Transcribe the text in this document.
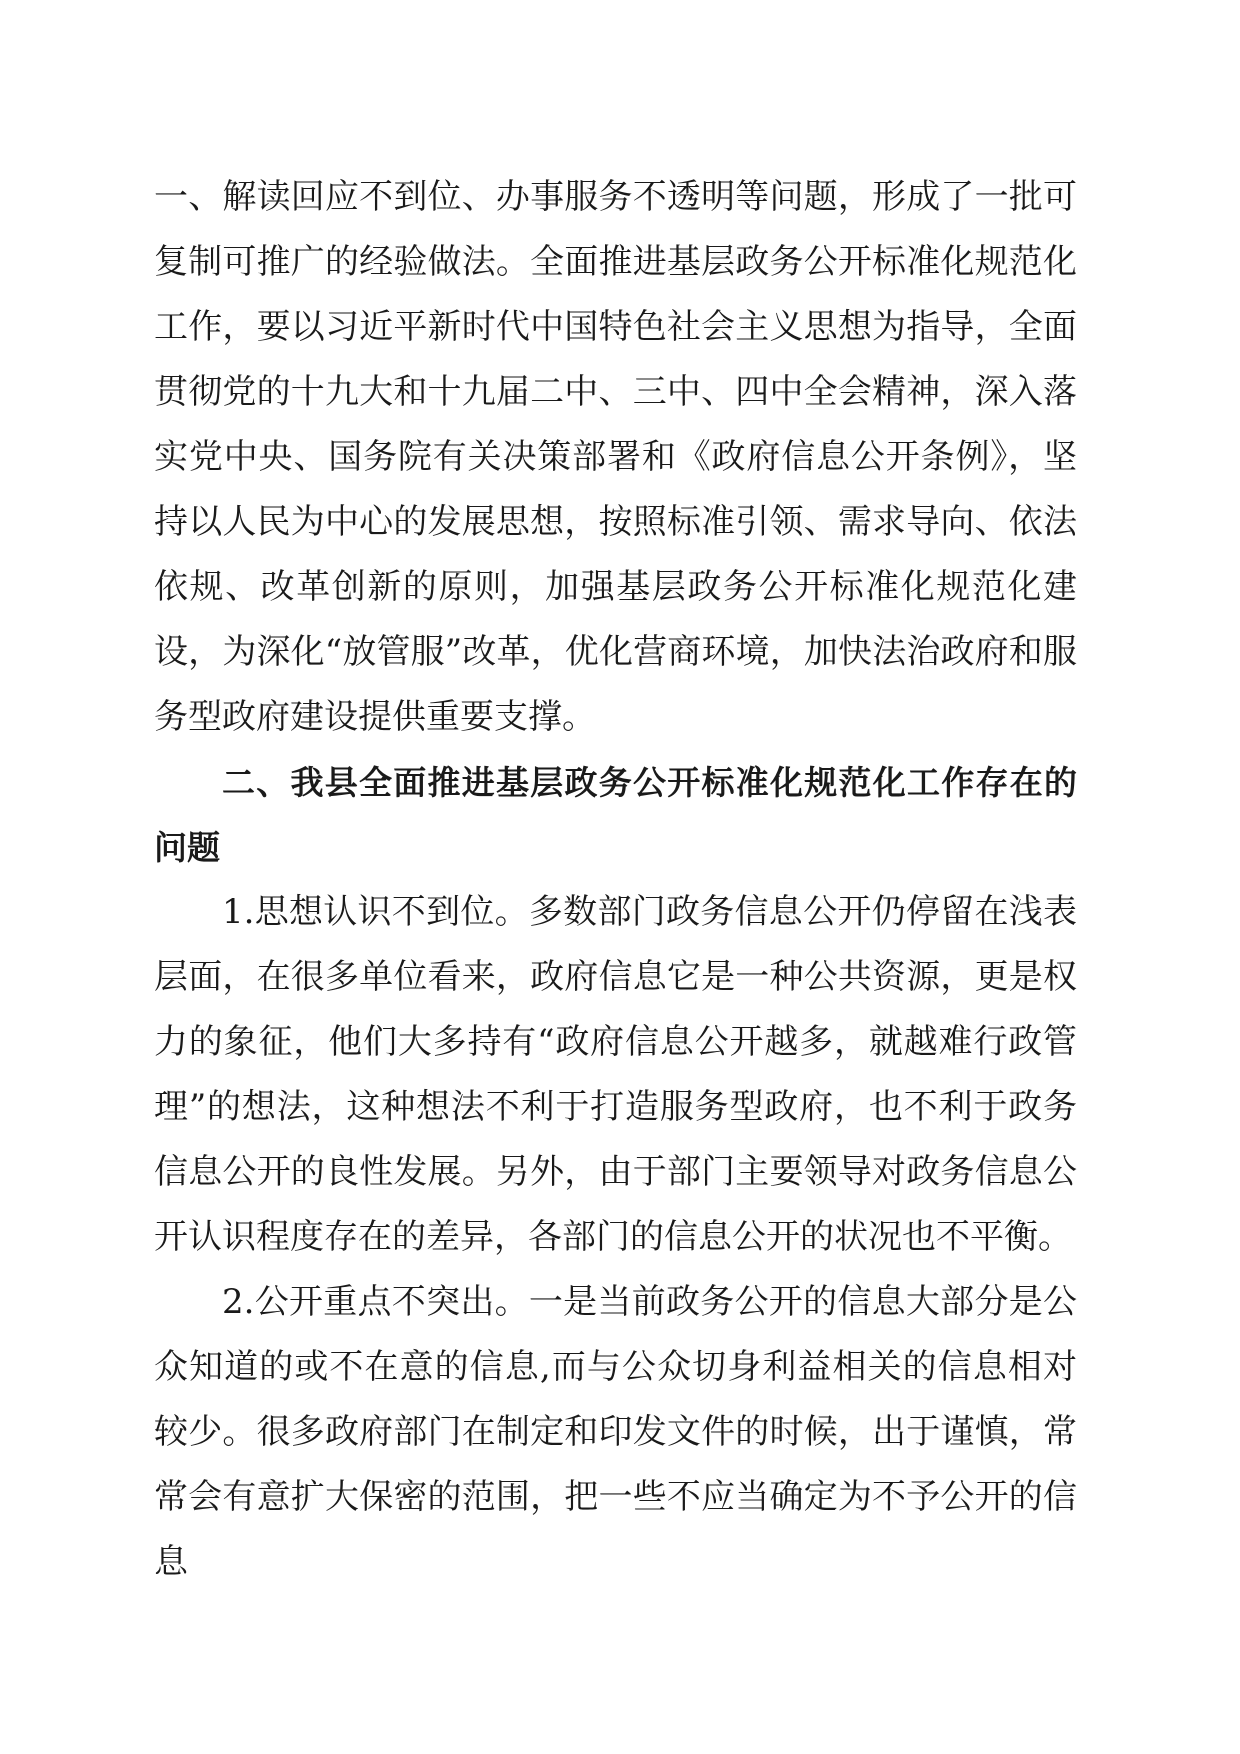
一、解读回应不到位、办事服务不透明等问题，形成了一批可复制可推广的经验做法。全面推进基层政务公开标准化规范化工作，要以习近平新时代中国特色社会主义思想为指导，全面贯彻党的十九大和十九届二中、三中、四中全会精神，深入落实党中央、国务院有关决策部署和《政府信息公开条例》，坚持以人民为中心的发展思想，按照标准引领、需求导向、依法依规、改革创新的原则，加强基层政务公开标准化规范化建设，为深化“放管服”改革，优化营商环境，加快法治政府和服务型政府建设提供重要支撑。

二、我县全面推进基层政务公开标准化规范化工作存在的问题

1.思想认识不到位。多数部门政务信息公开仍停留在浅表层面，在很多单位看来，政府信息它是一种公共资源，更是权力的象征，他们大多持有“政府信息公开越多，就越难行政管理”的想法，这种想法不利于打造服务型政府，也不利于政务信息公开的良性发展。另外，由于部门主要领导对政务信息公开认识程度存在的差异，各部门的信息公开的状况也不平衡。

2.公开重点不突出。一是当前政务公开的信息大部分是公众知道的或不在意的信息,而与公众切身利益相关的信息相对较少。很多政府部门在制定和印发文件的时候，出于谨慎，常常会有意扩大保密的范围，把一些不应当确定为不予公开的信息
